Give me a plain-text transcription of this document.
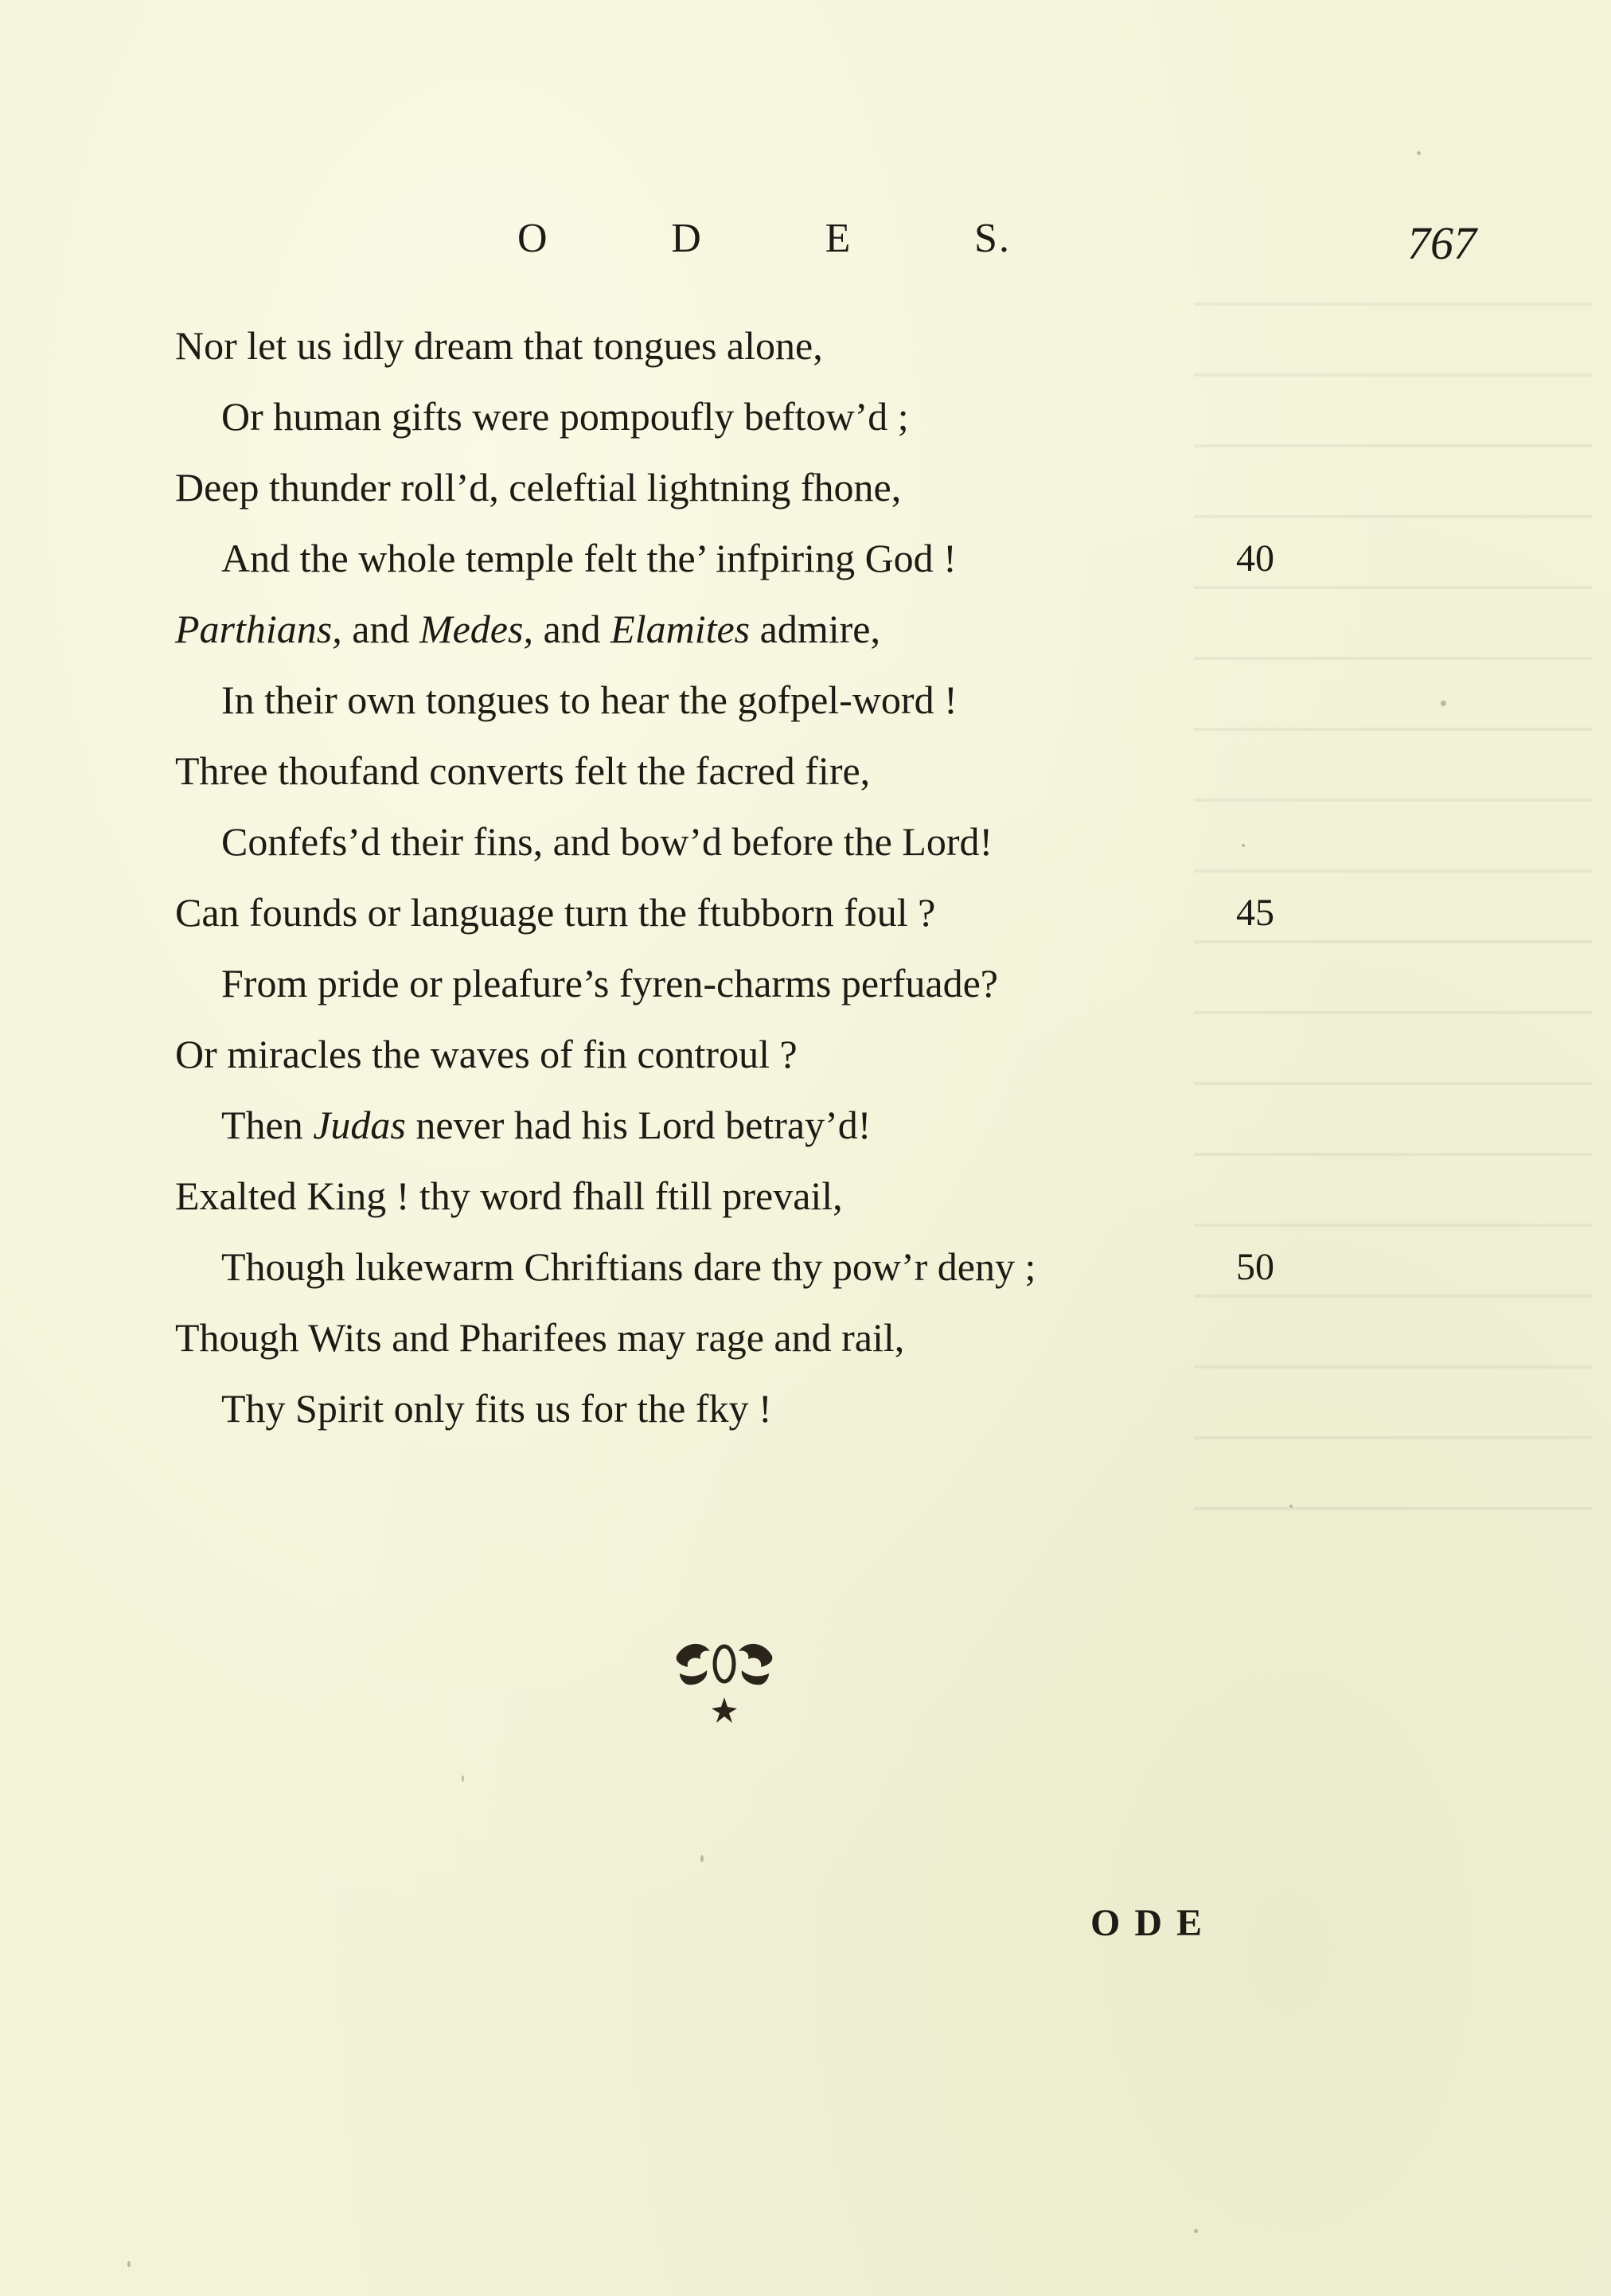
O	D	E	S.	767
Nor let us idly dream that tongues alone,
Or human gifts were pompoufly beftow’d ;
Deep thunder roll’d, celeftial lightning fhone,
And the whole temple felt the’ infpiring God !	40
Parthians, and Medes, and Elamites admire,
In their own tongues to hear the gofpel-word !
Three thoufand converts felt the facred fire,
Confefs’d their fins, and bow’d before the Lord!
Can founds or language turn the ftubborn foul ?	45
From pride or pleafure’s fyren-charms perfuade?
Or miracles the waves of fin controul ?
Then Judas never had his Lord betray’d!
Exalted King ! thy word fhall ftill prevail,
Though lukewarm Chriftians dare thy pow’r deny ;	50
Though Wits and Pharifees may rage and rail,
Thy Spirit only fits us for the fky !
ODE
